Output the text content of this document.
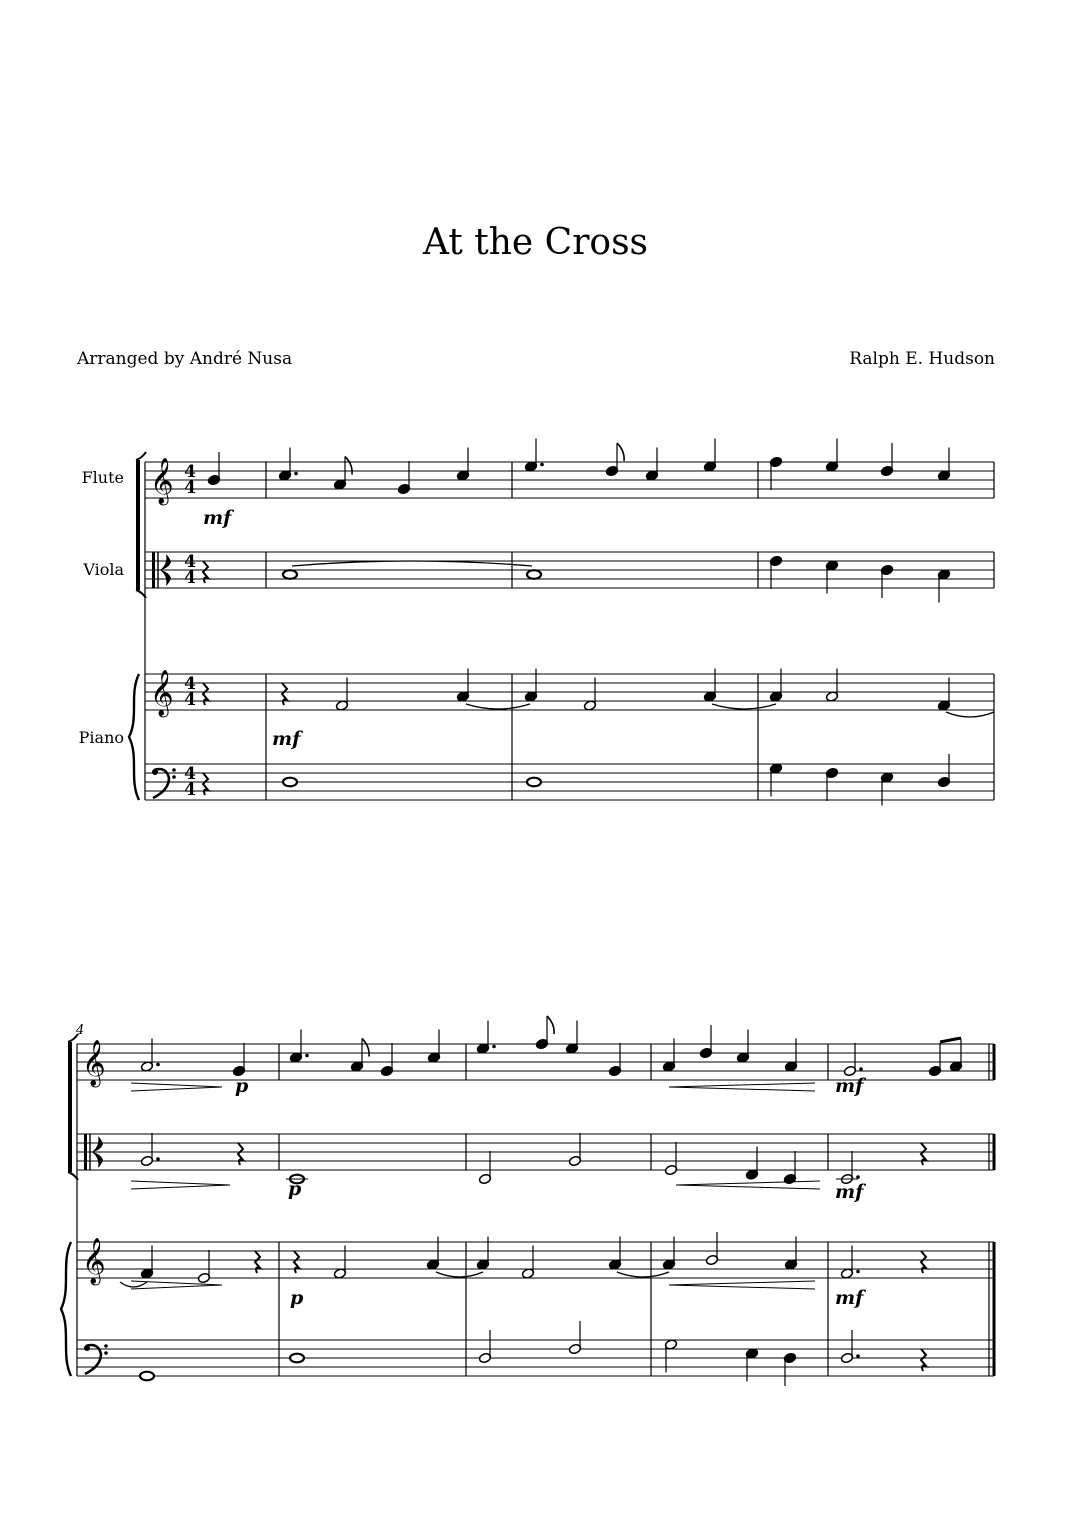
At the Cross
Arranged by André Nusa	Ralph E. Hudson
𝄞
𝄞
𝄞
𝄞
Flute
Viola
Piano
4
4
4
4
4
4
4
4
4
mf
mf
p	mf
p	mf
p	mf
